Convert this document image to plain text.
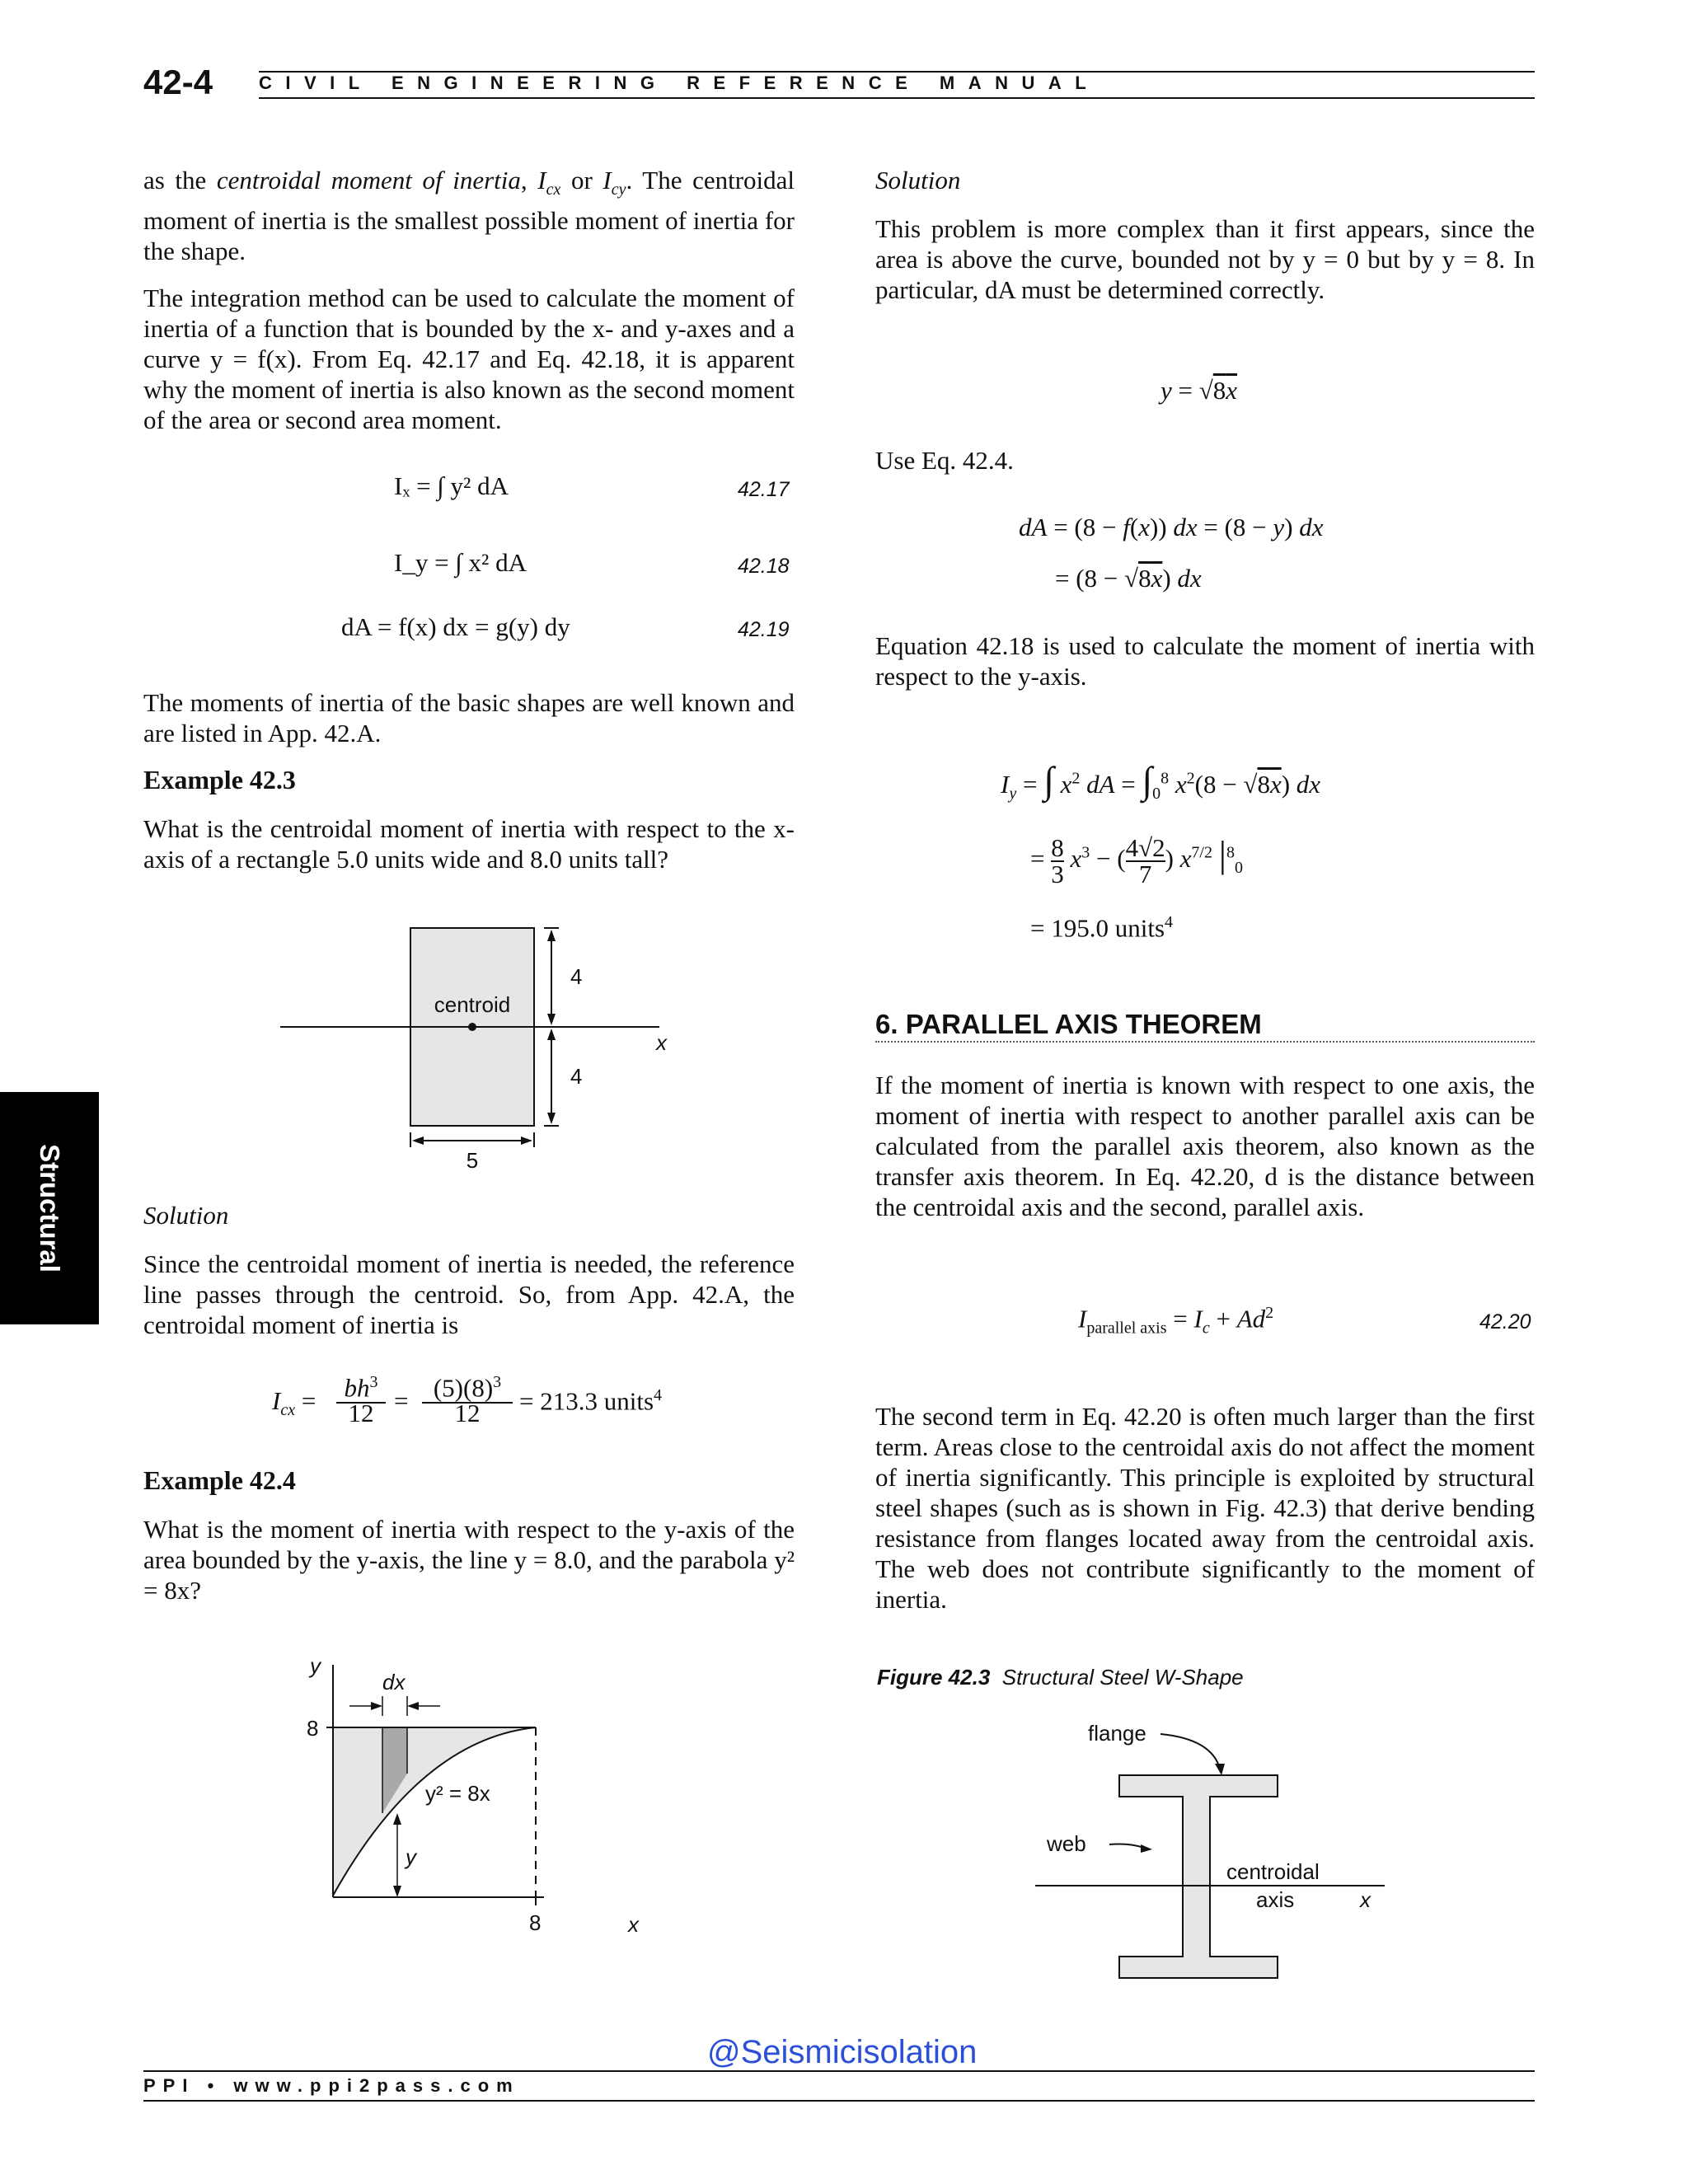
42-4	CIVIL ENGINEERING REFERENCE MANUAL

as the centroidal moment of inertia, $I_{cx}$ or $I_{cy}$. The centroidal moment of inertia is the smallest possible moment of inertia for the shape.

The integration method can be used to calculate the moment of inertia of a function that is bounded by the x- and y-axes and a curve y = f(x). From Eq. 42.17 and Eq. 42.18, it is apparent why the moment of inertia is also known as the second moment of the area or second area moment.

Iₓ = ∫ y² dA	42.17
I_y = ∫ x² dA	42.18
dA = f(x) dx = g(y) dy	42.19

The moments of inertia of the basic shapes are well known and are listed in App. 42.A.

Example 42.3

What is the centroidal moment of inertia with respect to the x-axis of a rectangle 5.0 units wide and 8.0 units tall?

centroid
4
4
5
x
Solution

Since the centroidal moment of inertia is needed, the reference line passes through the centroid. So, from App. 42.A, the centroidal moment of inertia is

$I_{cx}$ =	$bh^3$
$12 = (5)(8)^3$
12	= 213.3 units$^4$
Example 42.4

What is the moment of inertia with respect to the y-axis of the area bounded by the y-axis, the line y = 8.0, and the parabola y² = 8x?

y
dx
8
y² = 8x
y
8	x
Solution

This problem is more complex than it first appears, since the area is above the curve, bounded not by y = 0 but by y = 8. In particular, dA must be determined correctly.

y = √8x

Use Eq. 42.4.

dA = (8 − f(x)) dx = (8 − y) dx
= (8 − √8x) dx

Equation 42.18 is used to calculate the moment of inertia with respect to the y-axis.

$I_y$ = ∫ $x^2$ dA = $\int_0^8$ $x^2(8 - √8x)$ dx
= $\frac{8}{3} x^3$ − ( $\frac{4√2}{7}$ ) $x^{7/2}$ $|^8_0$
= 195.0 units$^4$
6. PARALLEL AXIS THEOREM

If the moment of inertia is known with respect to one axis, the moment of inertia with respect to another parallel axis can be calculated from the parallel axis theorem, also known as the transfer axis theorem. In Eq. 42.20, d is the distance between the centroidal axis and the second, parallel axis.

$I_{parallel axis} = I_c + Ad^2$	42.20

The second term in Eq. 42.20 is often much larger than the first term. Areas close to the centroidal axis do not affect the moment of inertia significantly. This principle is exploited by structural steel shapes (such as is shown in Fig. 42.3) that derive bending resistance from flanges located away from the centroidal axis. The web does not contribute significantly to the moment of inertia.

Figure 42.3 Structural Steel W-Shape
flange
web
centroidal
axis	x
Structural
@Seismicisolation
PPI • www.ppi2pass.com
